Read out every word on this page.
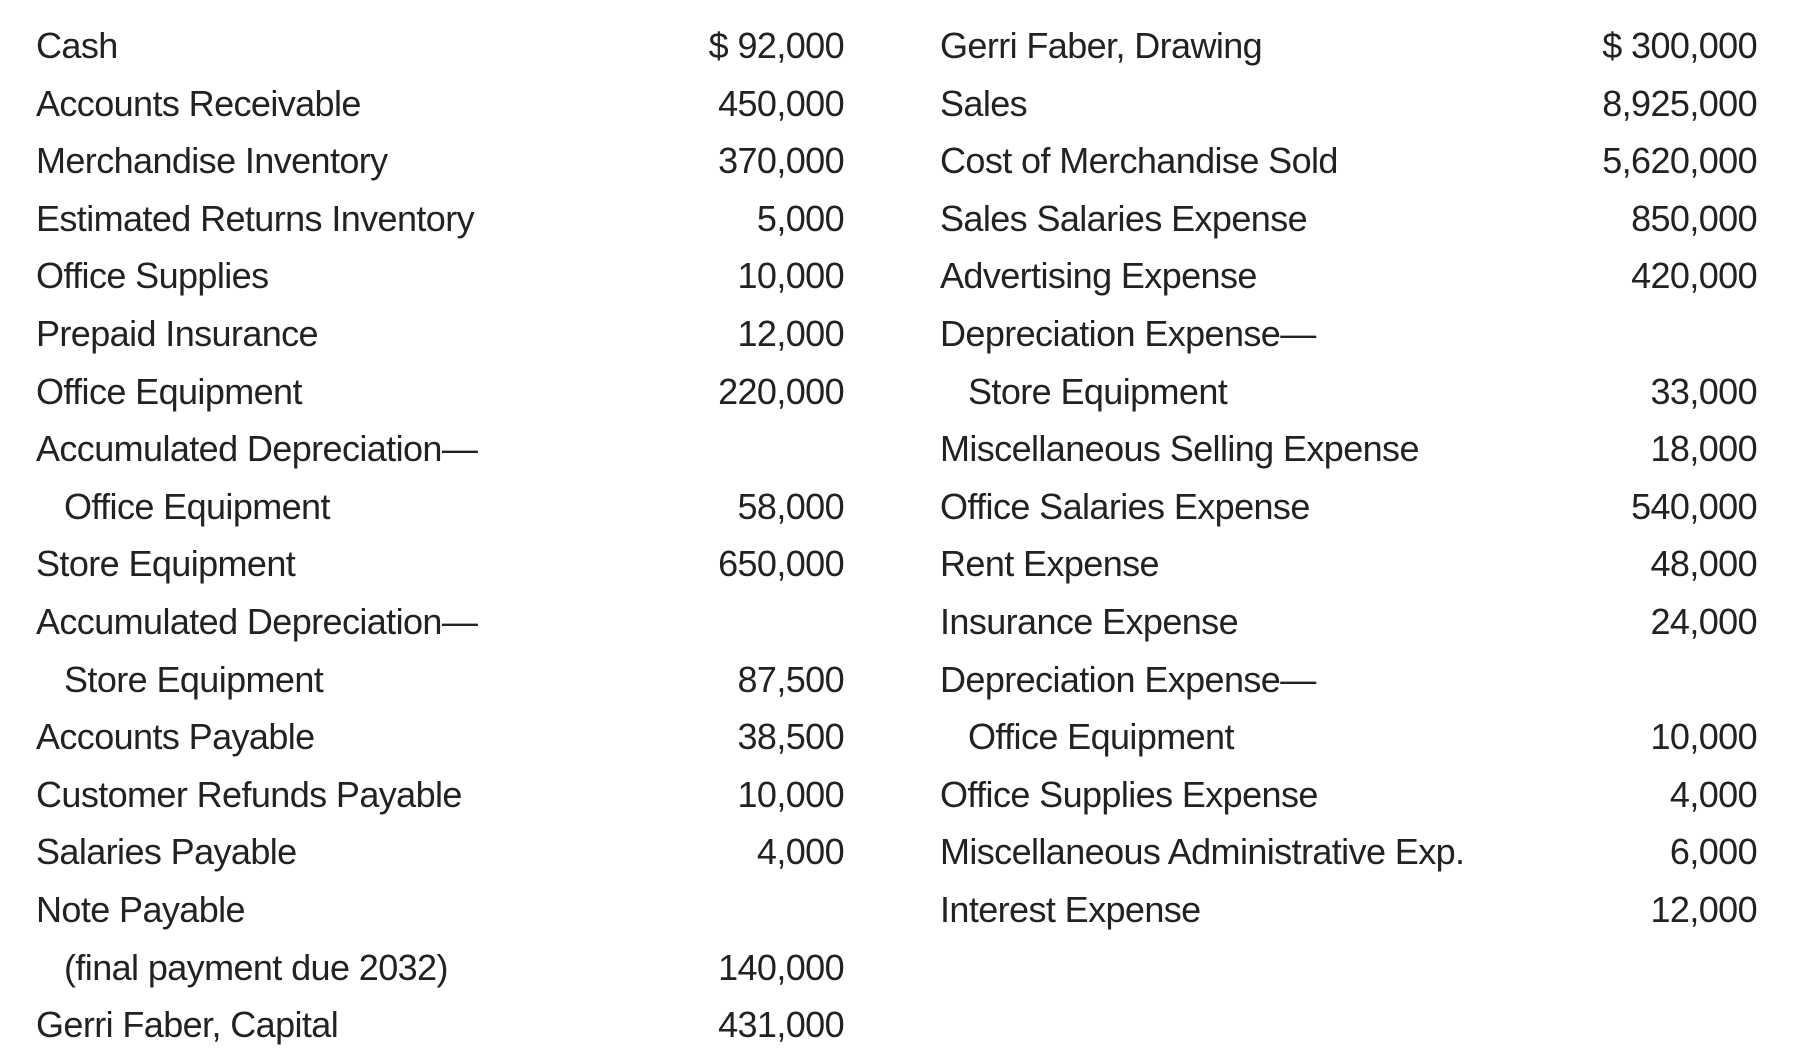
Cash	$ 92,000
Accounts Receivable	450,000
Merchandise Inventory	370,000
Estimated Returns Inventory	5,000
Office Supplies	10,000
Prepaid Insurance	12,000
Office Equipment	220,000
Accumulated Depreciation—
Office Equipment	58,000
Store Equipment	650,000
Accumulated Depreciation—
Store Equipment	87,500
Accounts Payable	38,500
Customer Refunds Payable	10,000
Salaries Payable	4,000
Note Payable
(final payment due 2032)	140,000
Gerri Faber, Capital	431,000
Gerri Faber, Drawing	$ 300,000
Sales	8,925,000
Cost of Merchandise Sold	5,620,000
Sales Salaries Expense	850,000
Advertising Expense	420,000
Depreciation Expense—
Store Equipment	33,000
Miscellaneous Selling Expense	18,000
Office Salaries Expense	540,000
Rent Expense	48,000
Insurance Expense	24,000
Depreciation Expense—
Office Equipment	10,000
Office Supplies Expense	4,000
Miscellaneous Administrative Exp.	6,000
Interest Expense	12,000
